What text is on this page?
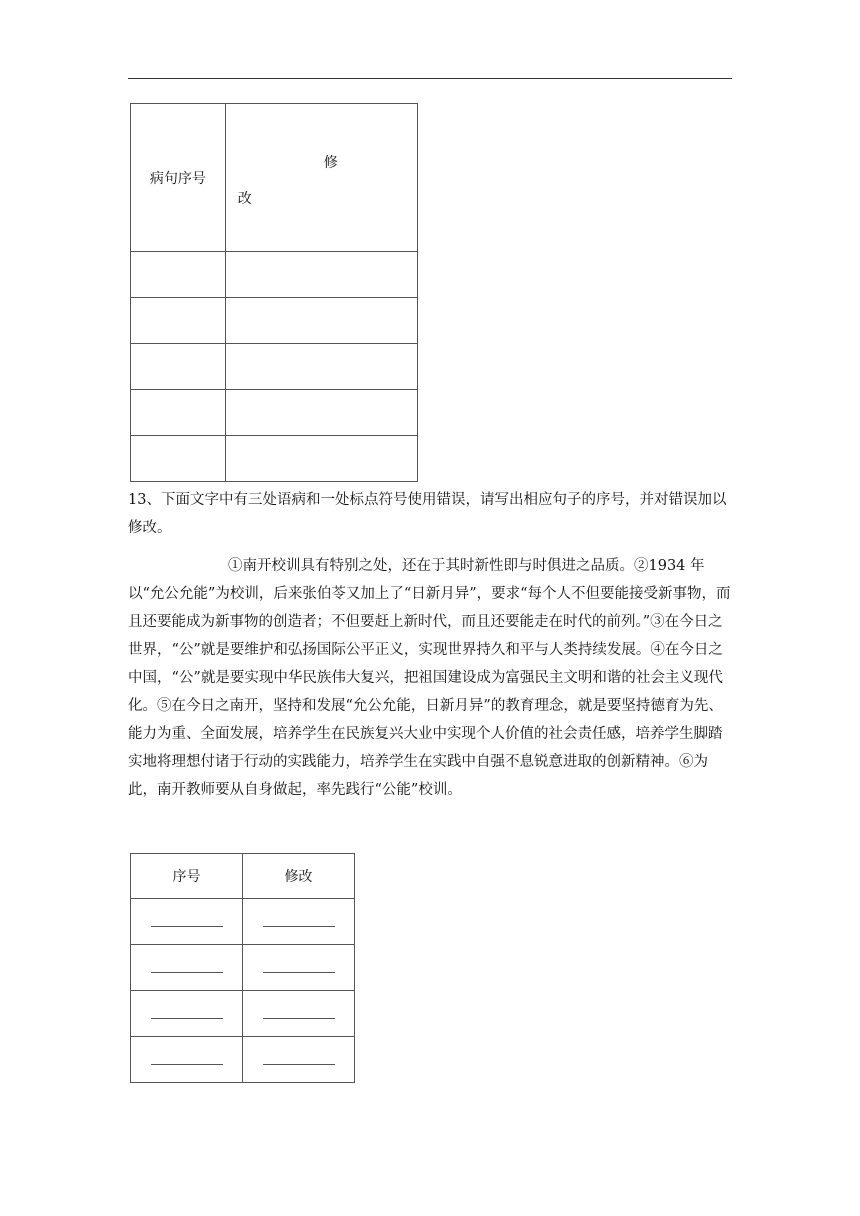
病句序号	修
改

13、下面文字中有三处语病和一处标点符号使用错误，请写出相应句子的序号，并对错误加以修改。

①南开校训具有特别之处，还在于其时新性即与时俱进之品质。②1934 年以“允公允能”为校训，后来张伯苓又加上了“日新月异”，要求“每个人不但要能接受新事物，而且还要能成为新事物的创造者；不但要赶上新时代，而且还要能走在时代的前列。”③在今日之世界，“公”就是要维护和弘扬国际公平正义，实现世界持久和平与人类持续发展。④在今日之中国，“公”就是要实现中华民族伟大复兴，把祖国建设成为富强民主文明和谐的社会主义现代化。⑤在今日之南开，坚持和发展“允公允能，日新月异”的教育理念，就是要坚持德育为先、能力为重、全面发展，培养学生在民族复兴大业中实现个人价值的社会责任感，培养学生脚踏实地将理想付诸于行动的实践能力，培养学生在实践中自强不息锐意进取的创新精神。⑥为此，南开教师要从自身做起，率先践行“公能”校训。

序号	修改
